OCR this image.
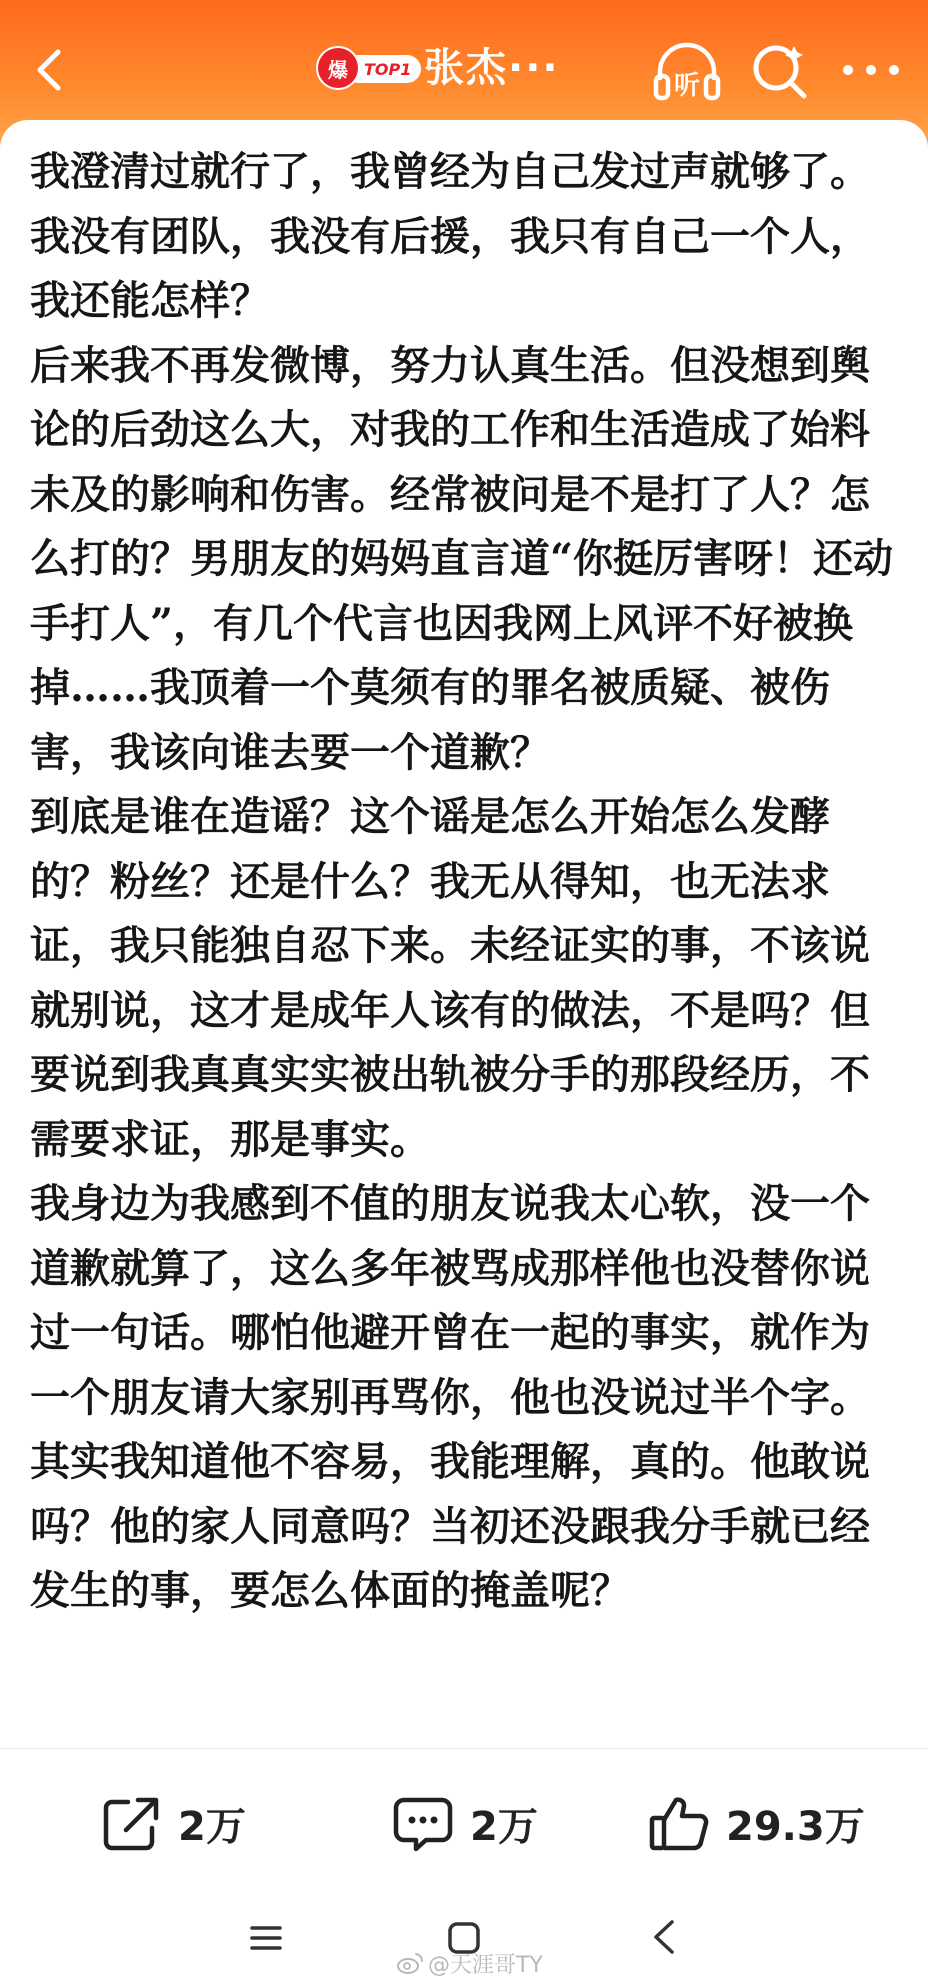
爆	TOP1 张杰···	听

我澄清过就行了，我曾经为自己发过声就够了。我没有团队，我没有后援，我只有自己一个人，我还能怎样？

后来我不再发微博，努力认真生活。但没想到舆论的后劲这么大，对我的工作和生活造成了始料未及的影响和伤害。经常被问是不是打了人？怎么打的？男朋友的妈妈直言道“你挺厉害呀！还动手打人”，有几个代言也因我网上风评不好被换掉……我顶着一个莫须有的罪名被质疑、被伤害，我该向谁去要一个道歉？

到底是谁在造谣？这个谣是怎么开始怎么发酵的？粉丝？还是什么？我无从得知，也无法求证，我只能独自忍下来。未经证实的事，不该说就别说，这才是成年人该有的做法，不是吗？但要说到我真真实实被出轨被分手的那段经历，不需要求证，那是事实。

我身边为我感到不值的朋友说我太心软，没一个道歉就算了，这么多年被骂成那样他也没替你说过一句话。哪怕他避开曾在一起的事实，就作为一个朋友请大家别再骂你，他也没说过半个字。

其实我知道他不容易，我能理解，真的。他敢说吗？他的家人同意吗？当初还没跟我分手就已经发生的事，要怎么体面的掩盖呢？

2万	2万	29.3万
@天涯哥TY
